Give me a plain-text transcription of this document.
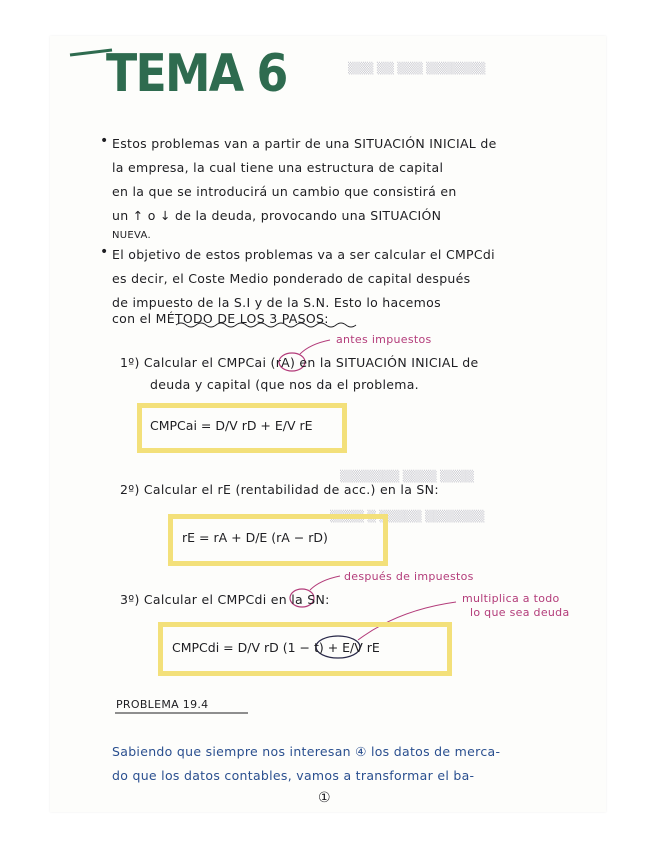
▒▒▒ ▒▒ ▒▒▒ ▒▒▒▒▒▒▒
▒▒▒▒▒▒▒ ▒▒▒▒ ▒▒▒▒
▒▒▒▒ ▒ ▒▒▒▒▒ ▒▒▒▒▒▒▒
TEMA 6
• Estos problemas van a partir de una SITUACIÓN INICIAL de
la empresa, la cual tiene una estructura de capital
en la que se introducirá un cambio que consistirá en
un ↑ o ↓ de la deuda, provocando una SITUACIÓN
NUEVA.
• El objetivo de estos problemas va a ser calcular el CMPCdi
es decir, el Coste Medio ponderado de capital después
de impuesto de la S.I y de la S.N. Esto lo hacemos
con el MÉTODO DE LOS 3 PASOS:
antes impuestos
1º) Calcular el CMPCai (rA) en la SITUACIÓN INICIAL de
deuda y capital (que nos da el problema.
CMPCai = D/V rD + E/V rE
2º) Calcular el rE (rentabilidad de acc.) en la SN:
rE = rA + D/E (rA − rD)
después de impuestos
multiplica a todo
lo que sea deuda
3º) Calcular el CMPCdi en la SN:
CMPCdi = D/V rD (1 − t) + E/V rE
PROBLEMA 19.4
Sabiendo que siempre nos interesan ④ los datos de merca-
do que los datos contables, vamos a transformar el ba-
①
